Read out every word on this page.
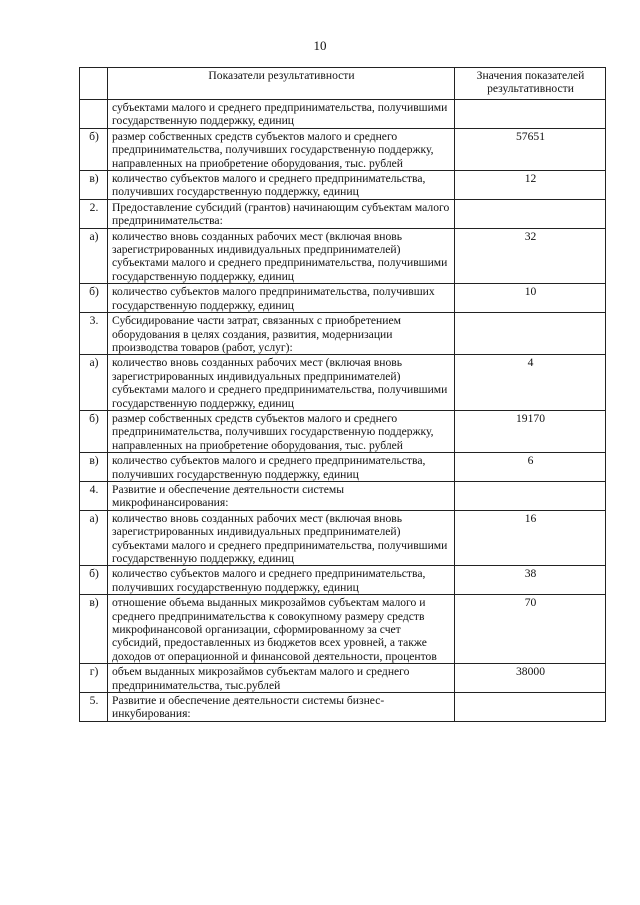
10
	Показатели результативности	Значения показателей результативности
	субъектами малого и среднего предпринимательства, получившими государственную поддержку, единиц	
б)	размер собственных средств субъектов малого и среднего предпринимательства, получивших государственную поддержку, направленных на приобретение оборудования, тыс. рублей	57651
в)	количество субъектов малого и среднего предпринимательства, получивших государственную поддержку, единиц	12
2.	Предоставление субсидий (грантов) начинающим субъектам малого предпринимательства:	
а)	количество вновь созданных рабочих мест (включая вновь зарегистрированных индивидуальных предпринимателей) субъектами малого и среднего предпринимательства, получившими государственную поддержку, единиц	32
б)	количество субъектов малого предпринимательства, получивших государственную поддержку, единиц	10
3.	Субсидирование части затрат, связанных с приобретением оборудования в целях создания, развития, модернизации производства товаров (работ, услуг):	
а)	количество вновь созданных рабочих мест (включая вновь зарегистрированных индивидуальных предпринимателей) субъектами малого и среднего предпринимательства, получившими государственную поддержку, единиц	4
б)	размер собственных средств субъектов малого и среднего предпринимательства, получивших государственную поддержку, направленных на приобретение оборудования, тыс. рублей	19170
в)	количество субъектов малого и среднего предпринимательства, получивших государственную поддержку, единиц	6
4.	Развитие и обеспечение деятельности системы микрофинансирования:	
а)	количество вновь созданных рабочих мест (включая вновь зарегистрированных индивидуальных предпринимателей) субъектами малого и среднего предпринимательства, получившими государственную поддержку, единиц	16
б)	количество субъектов малого и среднего предпринимательства, получивших государственную поддержку, единиц	38
в)	отношение объема выданных микрозаймов субъектам малого и среднего предпринимательства к совокупному размеру средств микрофинансовой организации, сформированному за счет субсидий, предоставленных из бюджетов всех уровней, а также доходов от операционной и финансовой деятельности, процентов	70
г)	объем выданных микрозаймов субъектам малого и среднего предпринимательства, тыс.рублей	38000
5.	Развитие и обеспечение деятельности системы бизнес-инкубирования:	
